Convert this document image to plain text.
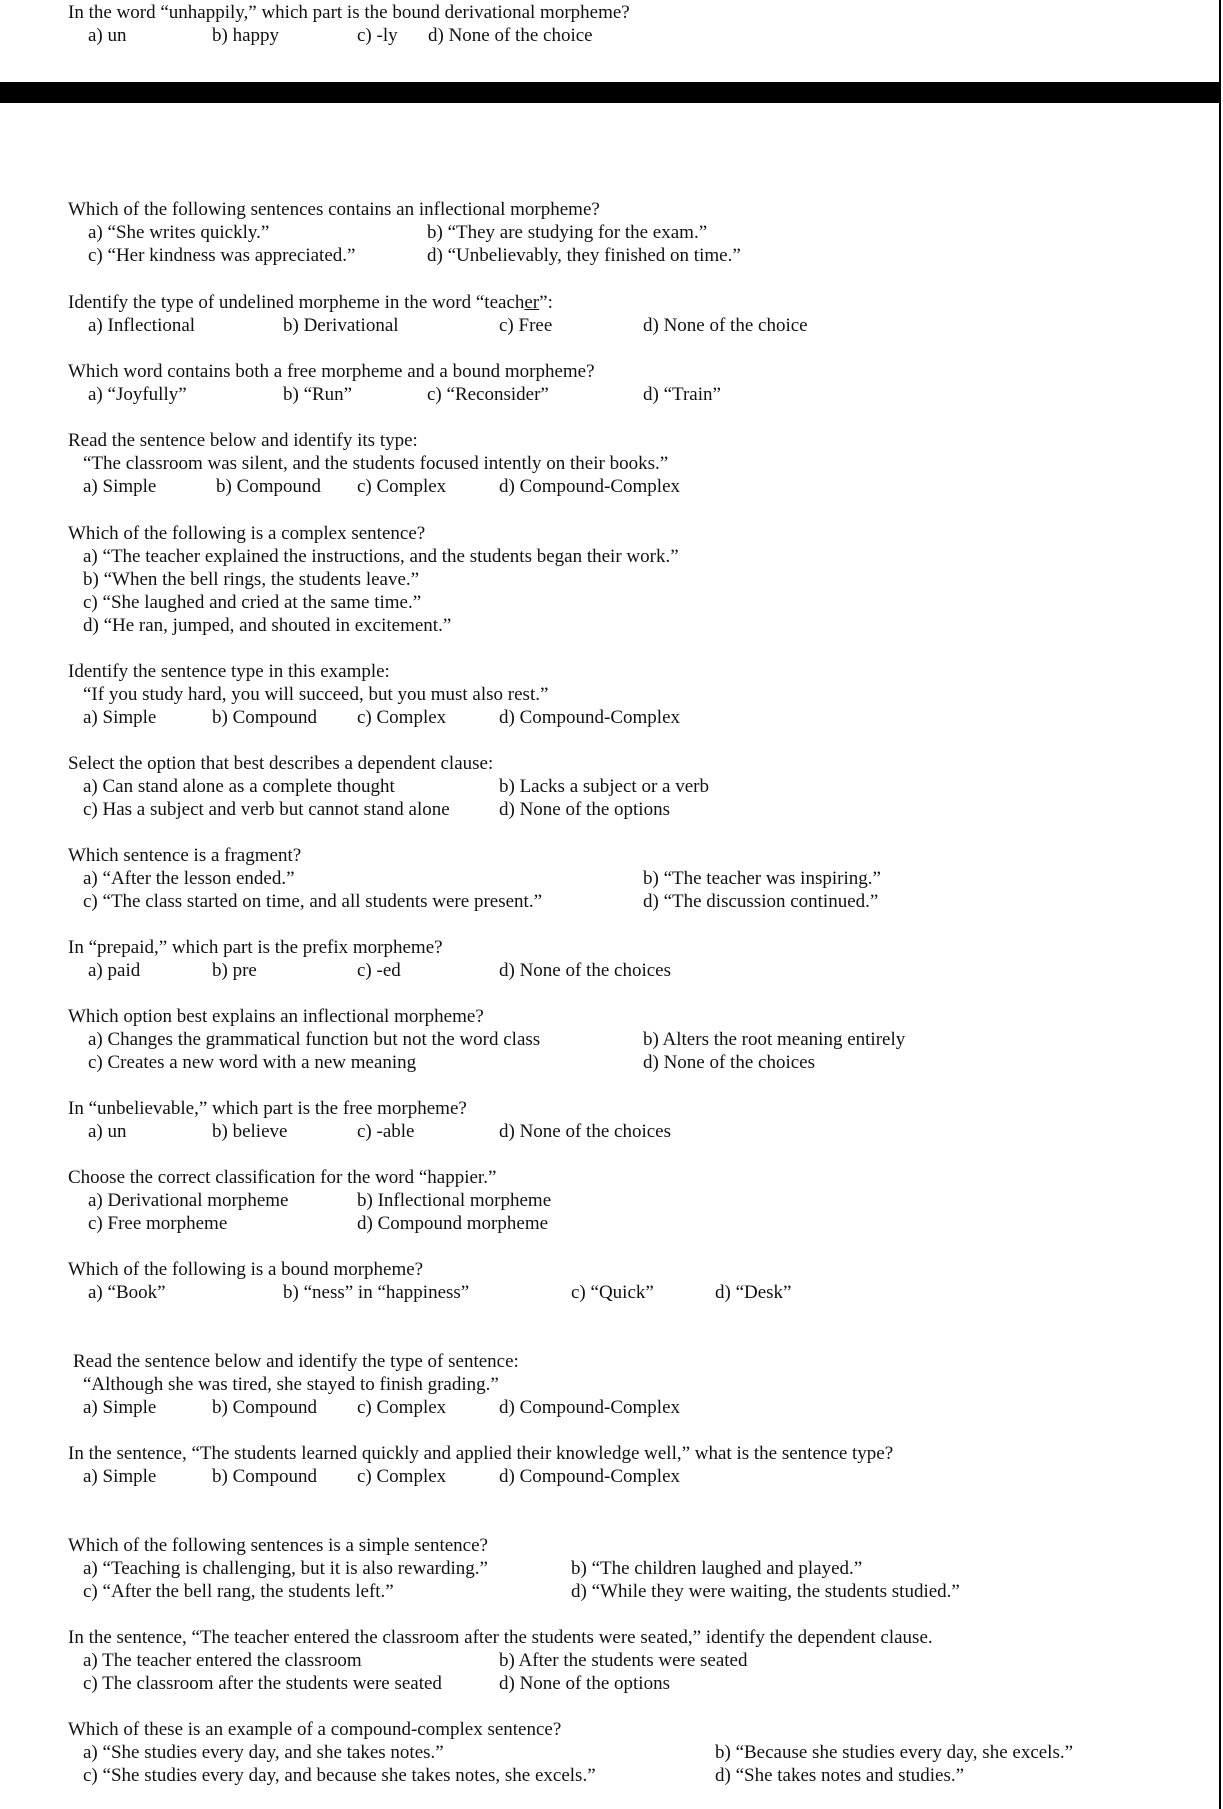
In the word “unhappily,” which part is the bound derivational morpheme?
a) un	b) happy	c) -ly d) None of the choice
Which of the following sentences contains an inflectional morpheme?
a) “She writes quickly.”	b) “They are studying for the exam.”
c) “Her kindness was appreciated.”	d) “Unbelievably, they finished on time.”
Identify the type of undelined morpheme in the word “teacher”:
a) Inflectional	b) Derivational	c) Free	d) None of the choice
Which word contains both a free morpheme and a bound morpheme?
a) “Joyfully”	b) “Run”	c) “Reconsider”	d) “Train”
Read the sentence below and identify its type:
“The classroom was silent, and the students focused intently on their books.”
a) Simple	b) Compound c) Complex	d) Compound-Complex
Which of the following is a complex sentence?
a) “The teacher explained the instructions, and the students began their work.”
b) “When the bell rings, the students leave.”
c) “She laughed and cried at the same time.”
d) “He ran, jumped, and shouted in excitement.”
Identify the sentence type in this example:
“If you study hard, you will succeed, but you must also rest.”
a) Simple	b) Compound c) Complex	d) Compound-Complex
Select the option that best describes a dependent clause:
a) Can stand alone as a complete thought	b) Lacks a subject or a verb
c) Has a subject and verb but cannot stand alone	d) None of the options
Which sentence is a fragment?
a) “After the lesson ended.”	b) “The teacher was inspiring.”
c) “The class started on time, and all students were present.”	d) “The discussion continued.”
In “prepaid,” which part is the prefix morpheme?
a) paid	b) pre	c) -ed	d) None of the choices
Which option best explains an inflectional morpheme?
a) Changes the grammatical function but not the word class	b) Alters the root meaning entirely
c) Creates a new word with a new meaning	d) None of the choices
In “unbelievable,” which part is the free morpheme?
a) un	b) believe	c) -able	d) None of the choices
Choose the correct classification for the word “happier.”
a) Derivational morpheme	b) Inflectional morpheme
c) Free morpheme	d) Compound morpheme
Which of the following is a bound morpheme?
a) “Book”	b) “ness” in “happiness”	c) “Quick”	d) “Desk”
Read the sentence below and identify the type of sentence:
“Although she was tired, she stayed to finish grading.”
a) Simple	b) Compound c) Complex	d) Compound-Complex
In the sentence, “The students learned quickly and applied their knowledge well,” what is the sentence type?
a) Simple	b) Compound c) Complex	d) Compound-Complex
Which of the following sentences is a simple sentence?
a) “Teaching is challenging, but it is also rewarding.”	b) “The children laughed and played.”
c) “After the bell rang, the students left.”	d) “While they were waiting, the students studied.”
In the sentence, “The teacher entered the classroom after the students were seated,” identify the dependent clause.
a) The teacher entered the classroom	b) After the students were seated
c) The classroom after the students were seated	d) None of the options
Which of these is an example of a compound-complex sentence?
a) “She studies every day, and she takes notes.”	b) “Because she studies every day, she excels.”
c) “She studies every day, and because she takes notes, she excels.”	d) “She takes notes and studies.”
